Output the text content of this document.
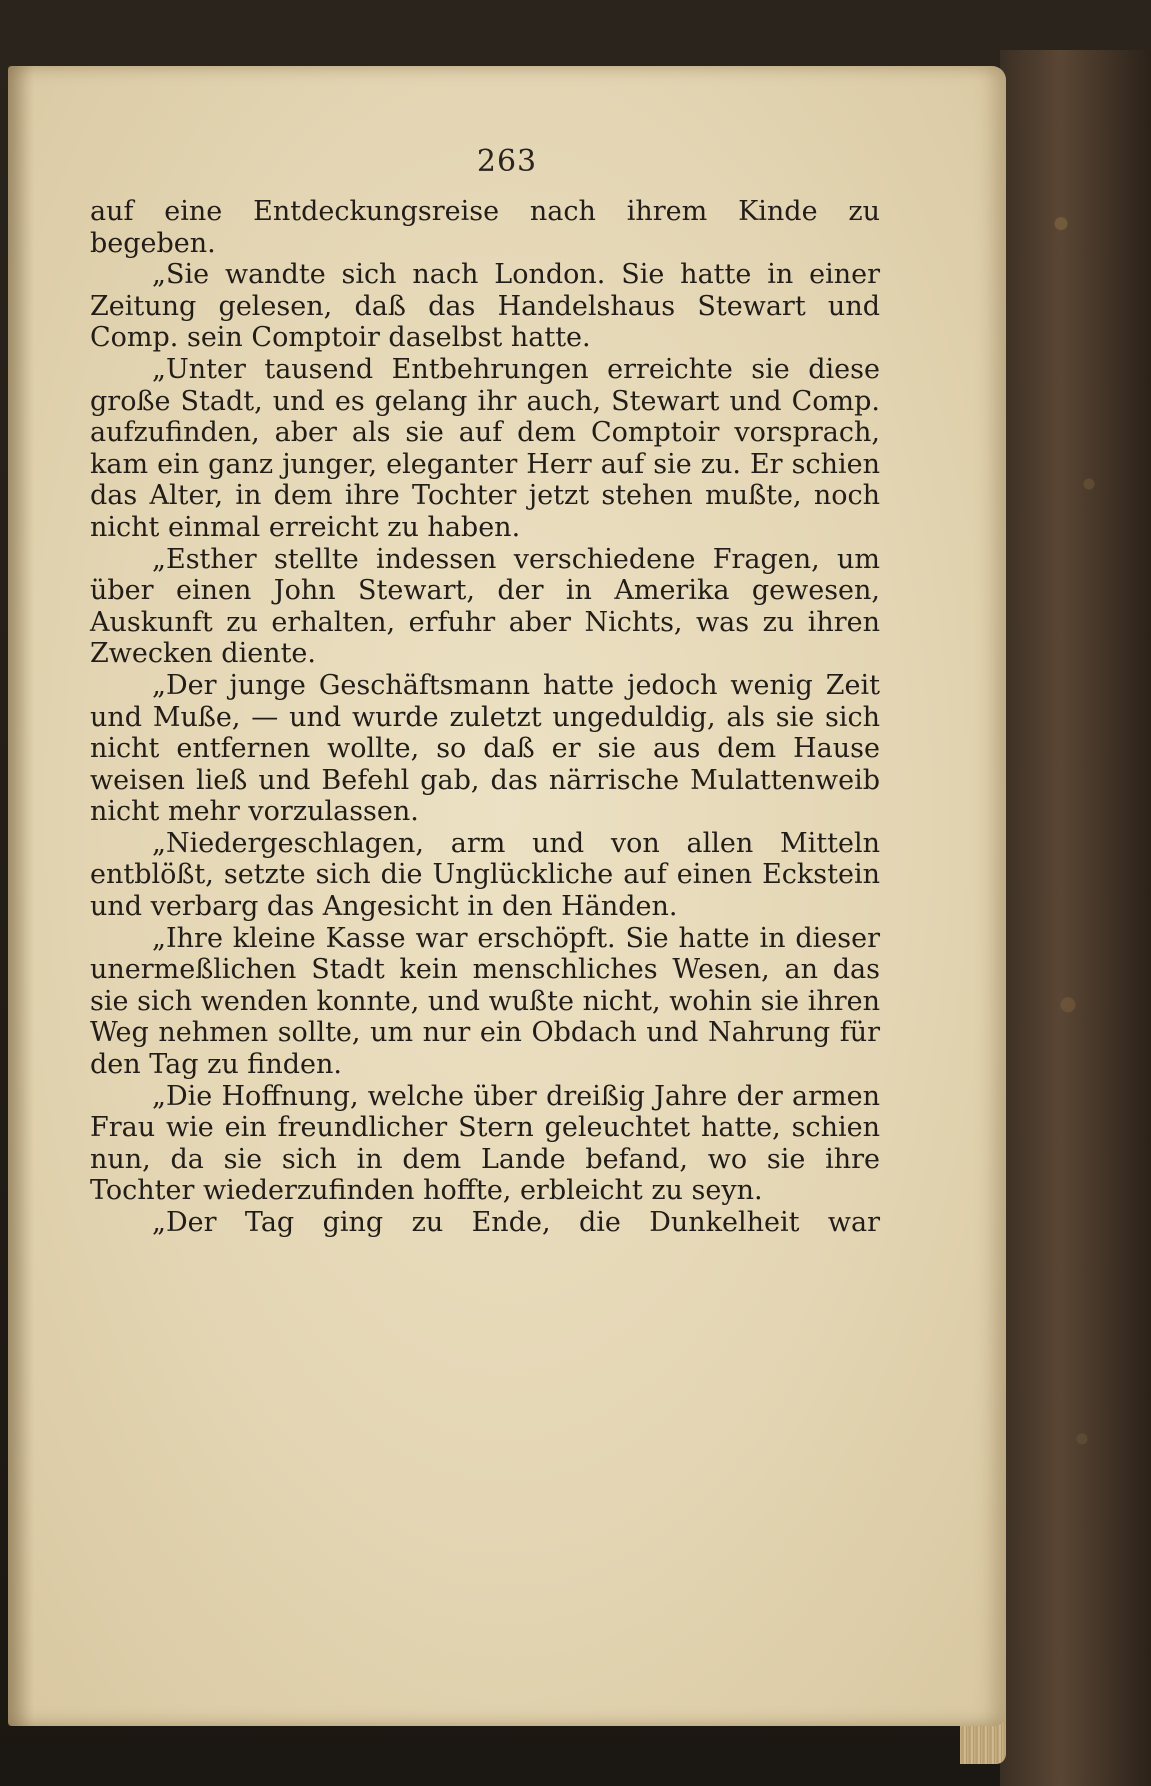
263

auf eine Entdeckungsreise nach ihrem Kinde zu begeben.

„Sie wandte sich nach London. Sie hatte in einer Zeitung gelesen, daß das Handelshaus Stewart und Comp. sein Comptoir daselbst hatte.

„Unter tausend Entbehrungen erreichte sie diese große Stadt, und es gelang ihr auch, Stewart und Comp. aufzufinden, aber als sie auf dem Comptoir vorsprach, kam ein ganz junger, eleganter Herr auf sie zu. Er schien das Alter, in dem ihre Tochter jetzt stehen mußte, noch nicht einmal erreicht zu haben.

„Esther stellte indessen verschiedene Fragen, um über einen John Stewart, der in Amerika gewesen, Auskunft zu erhalten, erfuhr aber Nichts, was zu ihren Zwecken diente.

„Der junge Geschäftsmann hatte jedoch wenig Zeit und Muße, — und wurde zuletzt ungeduldig, als sie sich nicht entfernen wollte, so daß er sie aus dem Hause weisen ließ und Befehl gab, das närrische Mulattenweib nicht mehr vorzulassen.

„Niedergeschlagen, arm und von allen Mitteln entblößt, setzte sich die Unglückliche auf einen Eckstein und verbarg das Angesicht in den Händen.

„Ihre kleine Kasse war erschöpft. Sie hatte in dieser unermeßlichen Stadt kein menschliches Wesen, an das sie sich wenden konnte, und wußte nicht, wohin sie ihren Weg nehmen sollte, um nur ein Obdach und Nahrung für den Tag zu finden.

„Die Hoffnung, welche über dreißig Jahre der armen Frau wie ein freundlicher Stern geleuchtet hatte, schien nun, da sie sich in dem Lande befand, wo sie ihre Tochter wiederzufinden hoffte, erbleicht zu seyn.

„Der Tag ging zu Ende, die Dunkelheit war
